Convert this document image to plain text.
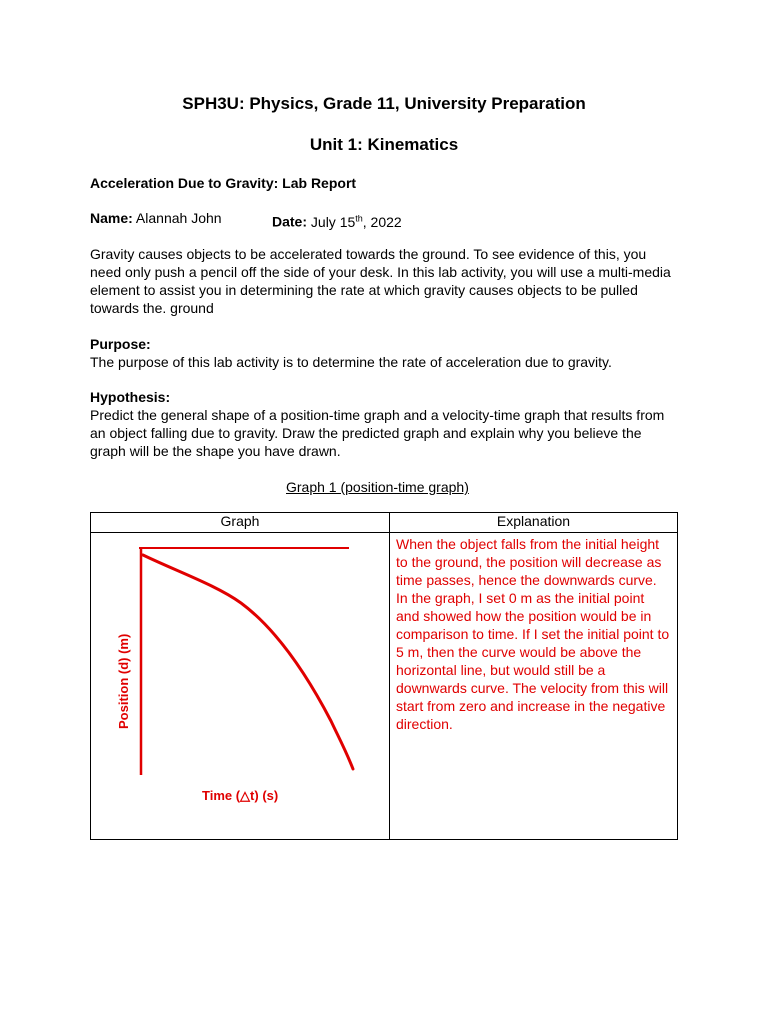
SPH3U: Physics, Grade 11, University Preparation
Unit 1: Kinematics
Acceleration Due to Gravity: Lab Report
Name: Alannah John	Date: July 15th, 2022
Gravity causes objects to be accelerated towards the ground. To see evidence of this, you need only push a pencil off the side of your desk. In this lab activity, you will use a multi-media element to assist you in determining the rate at which gravity causes objects to be pulled towards the. ground
Purpose:
The purpose of this lab activity is to determine the rate of acceleration due to gravity.
Hypothesis:
Predict the general shape of a position-time graph and a velocity-time graph that results from an object falling due to gravity. Draw the predicted graph and explain why you believe the graph will be the shape you have drawn.
Graph 1 (position-time graph)
Graph	Explanation

Time (△t) (s)
Position (d) (m)	When the object falls from the initial height to the ground, the position will decrease as time passes, hence the downwards curve. In the graph, I set 0 m as the initial point and showed how the position would be in comparison to time. If I set the initial point to 5 m, then the curve would be above the horizontal line, but would still be a downwards curve. The velocity from this will start from zero and increase in the negative direction.
